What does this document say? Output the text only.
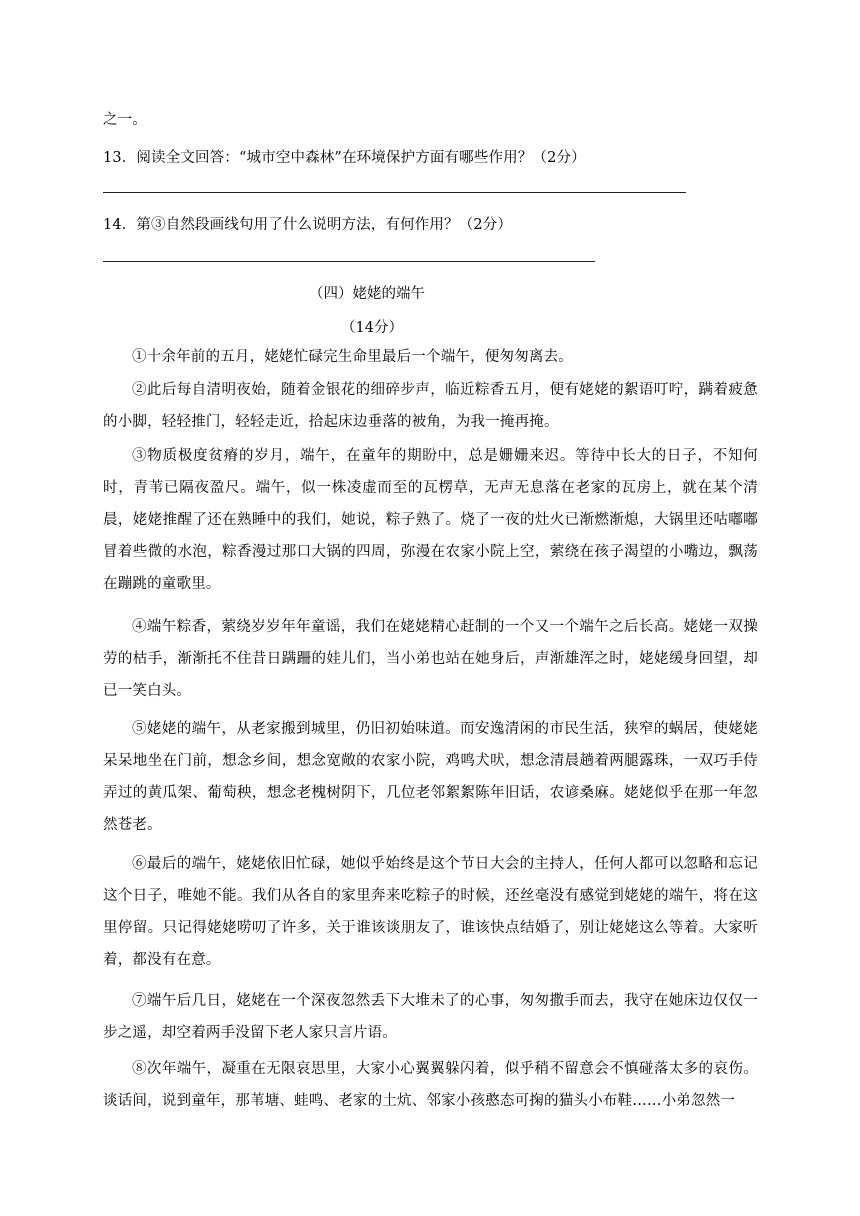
之一。
13．阅读全文回答：“城市空中森林”在环境保护方面有哪些作用？（2分）
14．第③自然段画线句用了什么说明方法，有何作用？（2分）
（四）姥姥的端午
（14分）

①十余年前的五月，姥姥忙碌完生命里最后一个端午，便匆匆离去。

②此后每自清明夜始，随着金银花的细碎步声，临近粽香五月，便有姥姥的絮语叮咛，蹒着疲惫的小脚，轻轻推门，轻轻走近，拾起床边垂落的被角，为我一掩再掩。

③物质极度贫瘠的岁月，端午，在童年的期盼中，总是姗姗来迟。等待中长大的日子，不知何时，青苇已隔夜盈尺。端午，似一株凌虚而至的瓦楞草，无声无息落在老家的瓦房上，就在某个清晨，姥姥推醒了还在熟睡中的我们，她说，粽子熟了。烧了一夜的灶火已渐燃渐熄，大锅里还咕嘟嘟冒着些微的水泡，粽香漫过那口大锅的四周，弥漫在农家小院上空，萦绕在孩子渴望的小嘴边，飘荡在蹦跳的童歌里。

④端午粽香，萦绕岁岁年年童谣，我们在姥姥精心赶制的一个又一个端午之后长高。姥姥一双操劳的枯手，渐渐托不住昔日蹒跚的娃儿们，当小弟也站在她身后，声渐雄浑之时，姥姥缓身回望，却已一笑白头。

⑤姥姥的端午，从老家搬到城里，仍旧初始味道。而安逸清闲的市民生活，狭窄的蜗居，使姥姥呆呆地坐在门前，想念乡间，想念宽敞的农家小院，鸡鸣犬吠，想念清晨趟着两腿露珠，一双巧手侍弄过的黄瓜架、葡萄秧，想念老槐树阴下，几位老邻絮絮陈年旧话，农谚桑麻。姥姥似乎在那一年忽然苍老。

⑥最后的端午，姥姥依旧忙碌，她似乎始终是这个节日大会的主持人，任何人都可以忽略和忘记这个日子，唯她不能。我们从各自的家里奔来吃粽子的时候，还丝毫没有感觉到姥姥的端午，将在这里停留。只记得姥姥唠叨了许多，关于谁该谈朋友了，谁该快点结婚了，别让姥姥这么等着。大家听着，都没有在意。

⑦端午后几日，姥姥在一个深夜忽然丢下大堆未了的心事，匆匆撒手而去，我守在她床边仅仅一步之遥，却空着两手没留下老人家只言片语。

⑧次年端午，凝重在无限哀思里，大家小心翼翼躲闪着，似乎稍不留意会不慎碰落太多的哀伤。谈话间，说到童年，那苇塘、蛙鸣、老家的土炕、邻家小孩憨态可掬的猫头小布鞋……小弟忽然一
